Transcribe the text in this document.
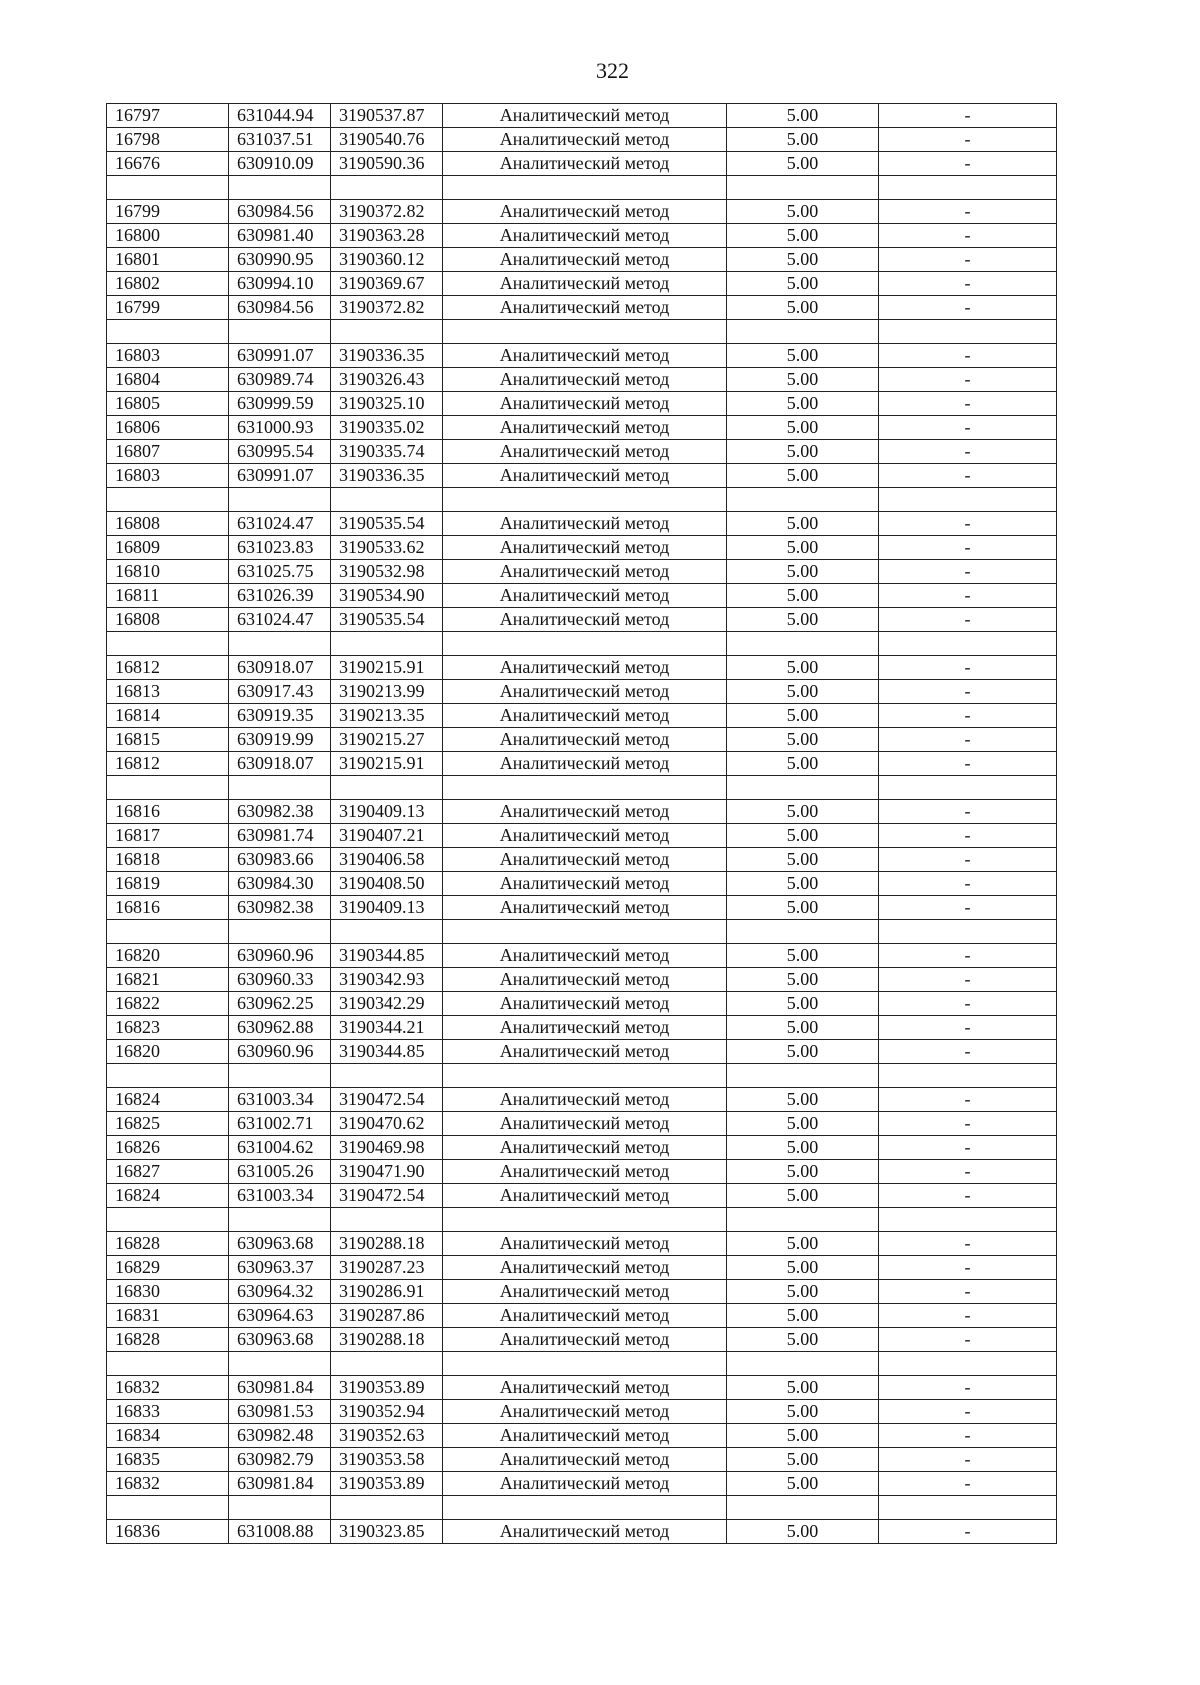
322
16797	631044.94	3190537.87	Аналитический метод	5.00	-
16798	631037.51	3190540.76	Аналитический метод	5.00	-
16676	630910.09	3190590.36	Аналитический метод	5.00	-

16799	630984.56	3190372.82	Аналитический метод	5.00	-
16800	630981.40	3190363.28	Аналитический метод	5.00	-
16801	630990.95	3190360.12	Аналитический метод	5.00	-
16802	630994.10	3190369.67	Аналитический метод	5.00	-
16799	630984.56	3190372.82	Аналитический метод	5.00	-

16803	630991.07	3190336.35	Аналитический метод	5.00	-
16804	630989.74	3190326.43	Аналитический метод	5.00	-
16805	630999.59	3190325.10	Аналитический метод	5.00	-
16806	631000.93	3190335.02	Аналитический метод	5.00	-
16807	630995.54	3190335.74	Аналитический метод	5.00	-
16803	630991.07	3190336.35	Аналитический метод	5.00	-

16808	631024.47	3190535.54	Аналитический метод	5.00	-
16809	631023.83	3190533.62	Аналитический метод	5.00	-
16810	631025.75	3190532.98	Аналитический метод	5.00	-
16811	631026.39	3190534.90	Аналитический метод	5.00	-
16808	631024.47	3190535.54	Аналитический метод	5.00	-

16812	630918.07	3190215.91	Аналитический метод	5.00	-
16813	630917.43	3190213.99	Аналитический метод	5.00	-
16814	630919.35	3190213.35	Аналитический метод	5.00	-
16815	630919.99	3190215.27	Аналитический метод	5.00	-
16812	630918.07	3190215.91	Аналитический метод	5.00	-

16816	630982.38	3190409.13	Аналитический метод	5.00	-
16817	630981.74	3190407.21	Аналитический метод	5.00	-
16818	630983.66	3190406.58	Аналитический метод	5.00	-
16819	630984.30	3190408.50	Аналитический метод	5.00	-
16816	630982.38	3190409.13	Аналитический метод	5.00	-

16820	630960.96	3190344.85	Аналитический метод	5.00	-
16821	630960.33	3190342.93	Аналитический метод	5.00	-
16822	630962.25	3190342.29	Аналитический метод	5.00	-
16823	630962.88	3190344.21	Аналитический метод	5.00	-
16820	630960.96	3190344.85	Аналитический метод	5.00	-

16824	631003.34	3190472.54	Аналитический метод	5.00	-
16825	631002.71	3190470.62	Аналитический метод	5.00	-
16826	631004.62	3190469.98	Аналитический метод	5.00	-
16827	631005.26	3190471.90	Аналитический метод	5.00	-
16824	631003.34	3190472.54	Аналитический метод	5.00	-

16828	630963.68	3190288.18	Аналитический метод	5.00	-
16829	630963.37	3190287.23	Аналитический метод	5.00	-
16830	630964.32	3190286.91	Аналитический метод	5.00	-
16831	630964.63	3190287.86	Аналитический метод	5.00	-
16828	630963.68	3190288.18	Аналитический метод	5.00	-

16832	630981.84	3190353.89	Аналитический метод	5.00	-
16833	630981.53	3190352.94	Аналитический метод	5.00	-
16834	630982.48	3190352.63	Аналитический метод	5.00	-
16835	630982.79	3190353.58	Аналитический метод	5.00	-
16832	630981.84	3190353.89	Аналитический метод	5.00	-

16836	631008.88	3190323.85	Аналитический метод	5.00	-
